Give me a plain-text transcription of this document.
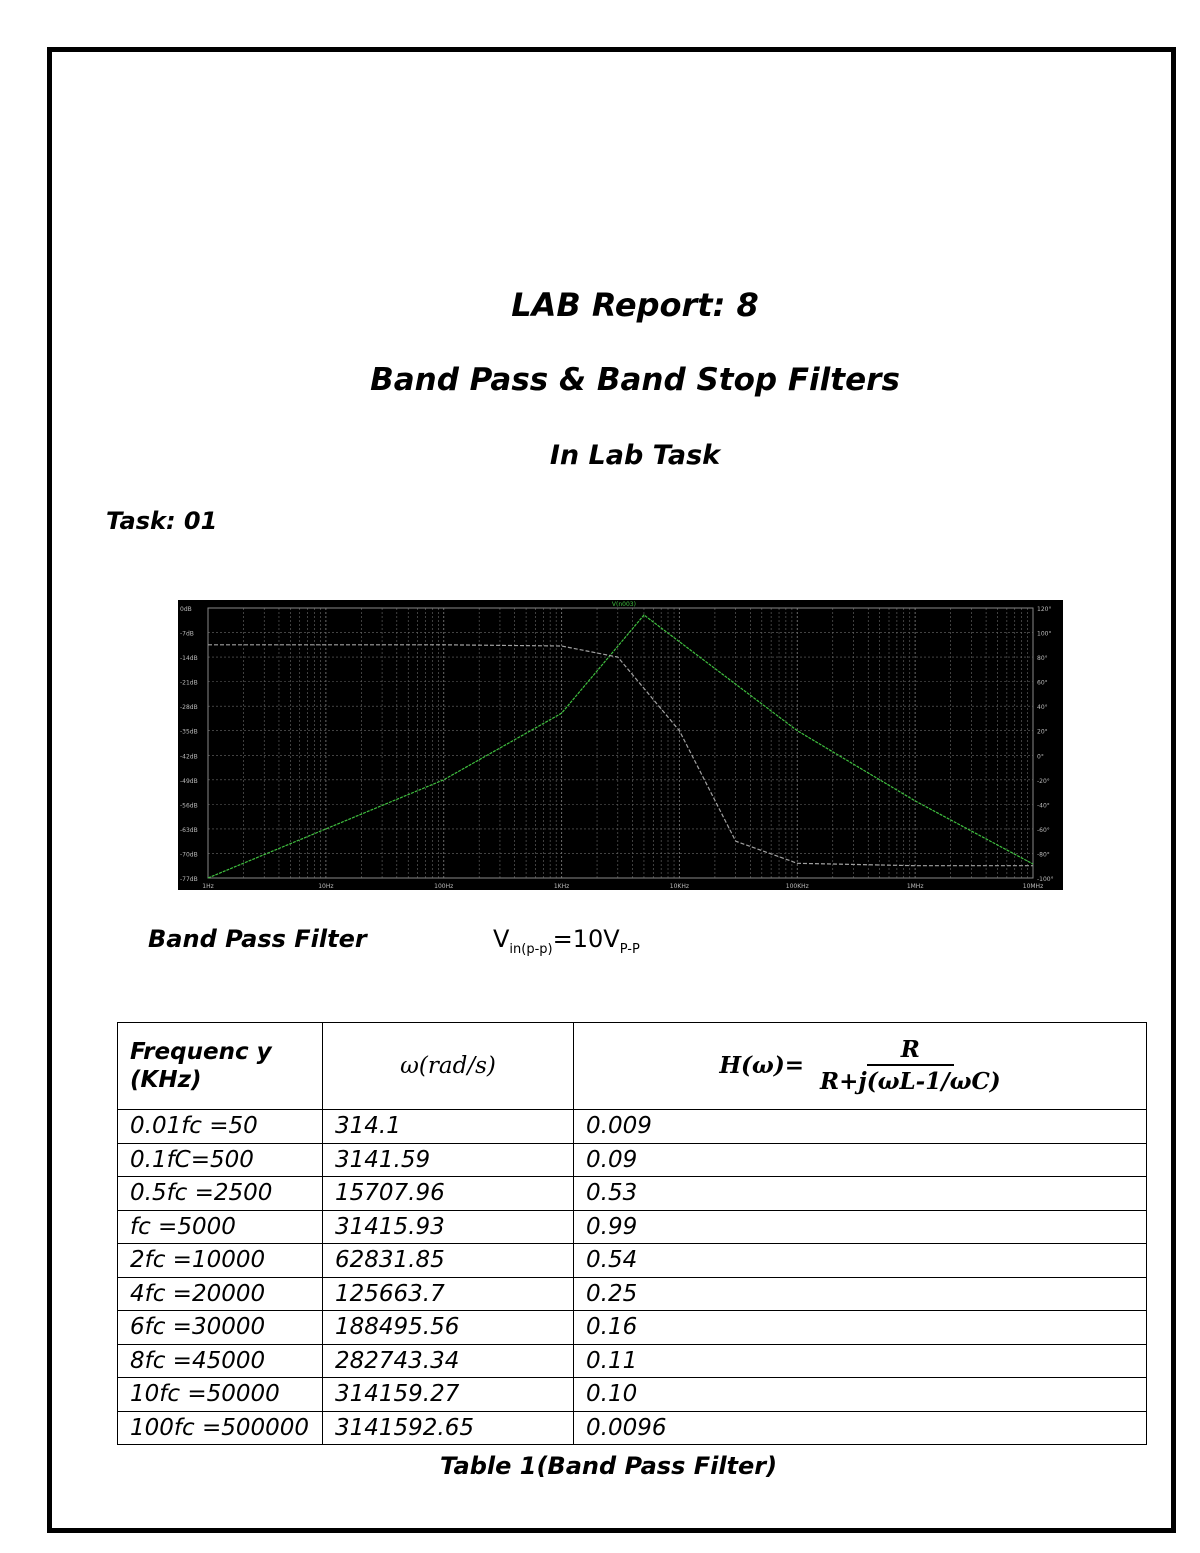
LAB Report: 8
Band Pass & Band Stop Filters
In Lab Task

Task: 01

0dB
-7dB
-14dB
-21dB
-28dB
-35dB
-42dB
-49dB
-56dB
-63dB
-70dB
-77dB
120°
100°
80°
60°
40°
20°
0°
-20°
-40°
-60°
-80°
-100°
1Hz	10Hz	100Hz	1KHz	10KHz	100KHz	1MHz	10MHz
V(n003)
Band Pass Filter	$V_{in(p-p)}=10V_{P-P}$
Frequenc y (KHz)	ω(rad/s)	$H(\omega)= \frac{R}{R+j(\omega L-1/\omega C)}$

0.01fc =50	314.1	0.009
0.1fC=500	3141.59	0.09
0.5fc =2500	15707.96	0.53
fc =5000	31415.93	0.99
2fc =10000	62831.85	0.54
4fc =20000	125663.7	0.25
6fc =30000	188495.56	0.16
8fc =45000	282743.34	0.11
10fc =50000	314159.27	0.10
100fc =500000	3141592.65	0.0096

Table 1(Band Pass Filter)
